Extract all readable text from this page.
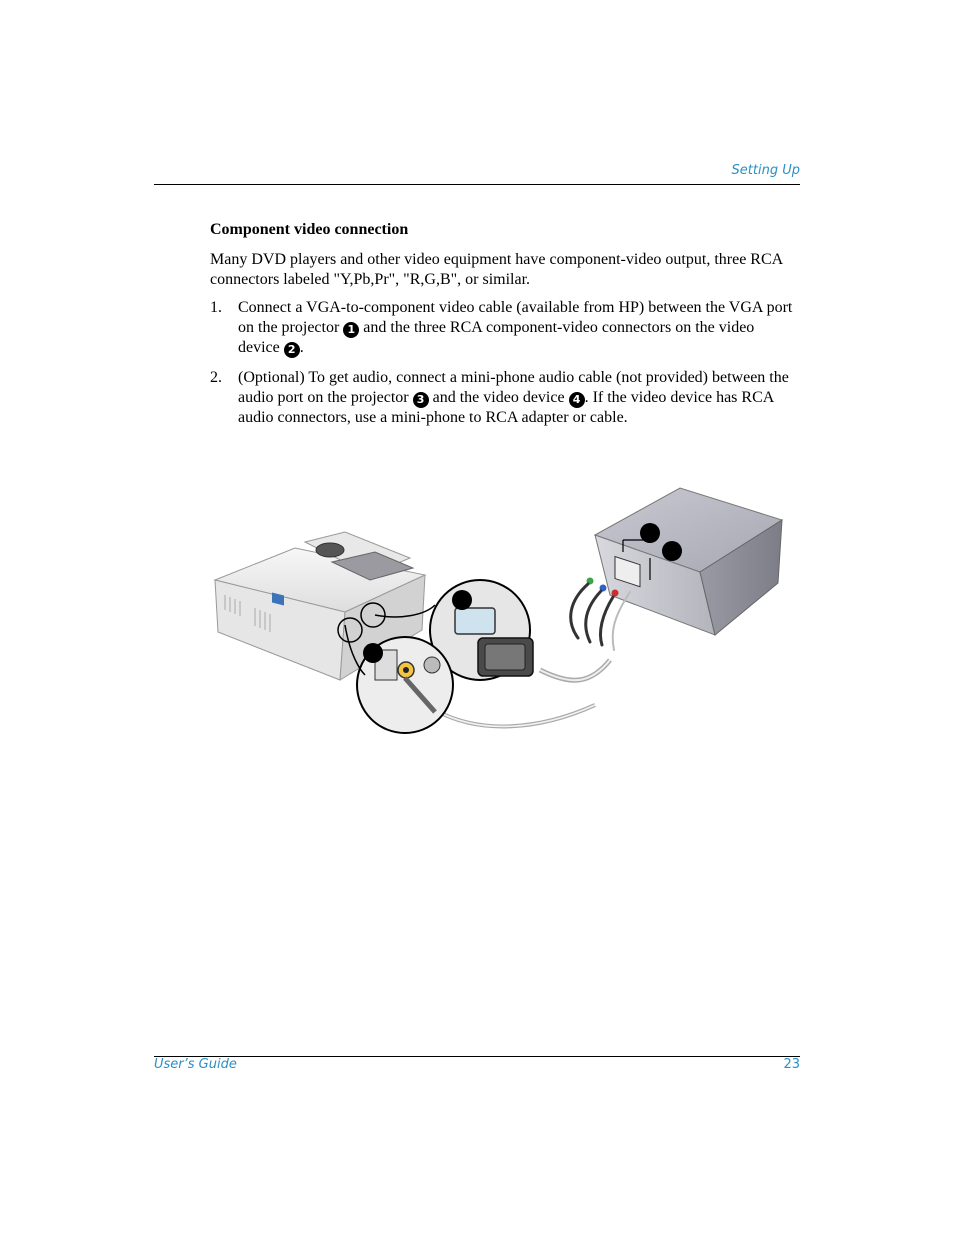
Setting Up
Component video connection

Many DVD players and other video equipment have component-video output, three RCA connectors labeled "Y,Pb,Pr", "R,G,B", or similar.

1. Connect a VGA-to-component video cable (available from HP) between the VGA port on the projector 1 and the three RCA component-video connectors on the video device 2 .
2. (Optional) To get audio, connect a mini-phone audio cable (not provided) between the audio port on the projector 3 and the video device 4 . If the video device has RCA audio connectors, use a mini-phone to RCA adapter or cable.
User’s Guide	23
